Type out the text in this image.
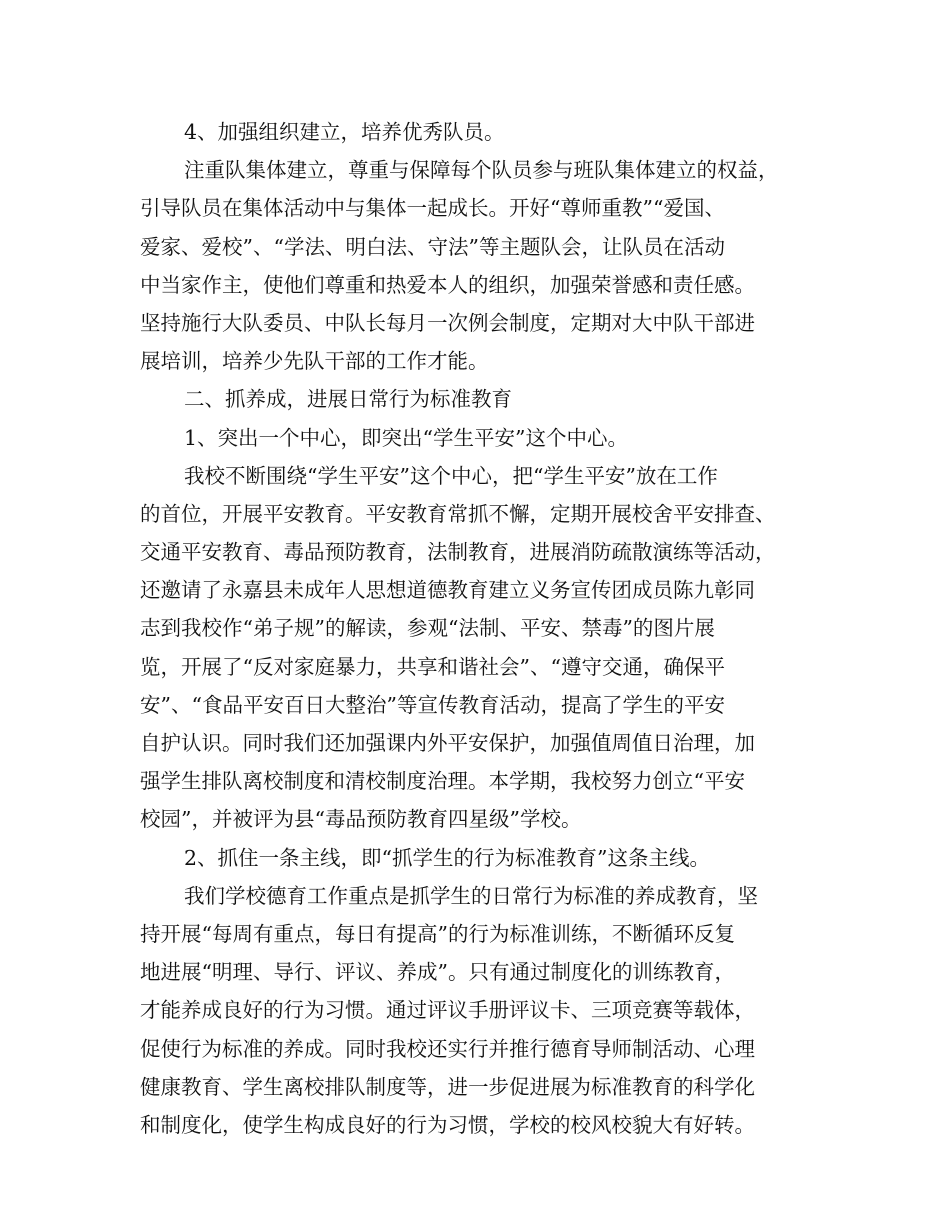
4、加强组织建立，培养优秀队员。
注重队集体建立，尊重与保障每个队员参与班队集体建立的权益，
引导队员在集体活动中与集体一起成长。开好“尊师重教”“爱国、
爱家、爱校”、“学法、明白法、守法”等主题队会，让队员在活动
中当家作主，使他们尊重和热爱本人的组织，加强荣誉感和责任感。
坚持施行大队委员、中队长每月一次例会制度，定期对大中队干部进
展培训，培养少先队干部的工作才能。
二、抓养成，进展日常行为标准教育
1、突出一个中心，即突出“学生平安”这个中心。
我校不断围绕“学生平安”这个中心，把“学生平安”放在工作
的首位，开展平安教育。平安教育常抓不懈，定期开展校舍平安排查、
交通平安教育、毒品预防教育，法制教育，进展消防疏散演练等活动，
还邀请了永嘉县未成年人思想道德教育建立义务宣传团成员陈九彰同
志到我校作“弟子规”的解读，参观“法制、平安、禁毒”的图片展
览，开展了“反对家庭暴力，共享和谐社会”、“遵守交通，确保平
安”、“食品平安百日大整治”等宣传教育活动，提高了学生的平安
自护认识。同时我们还加强课内外平安保护，加强值周值日治理，加
强学生排队离校制度和清校制度治理。本学期，我校努力创立“平安
校园”，并被评为县“毒品预防教育四星级”学校。
2、抓住一条主线，即“抓学生的行为标准教育”这条主线。
我们学校德育工作重点是抓学生的日常行为标准的养成教育，坚
持开展“每周有重点，每日有提高”的行为标准训练，不断循环反复
地进展“明理、导行、评议、养成”。只有通过制度化的训练教育，
才能养成良好的行为习惯。通过评议手册评议卡、三项竞赛等载体，
促使行为标准的养成。同时我校还实行并推行德育导师制活动、心理
健康教育、学生离校排队制度等，进一步促进展为标准教育的科学化
和制度化，使学生构成良好的行为习惯，学校的校风校貌大有好转。
